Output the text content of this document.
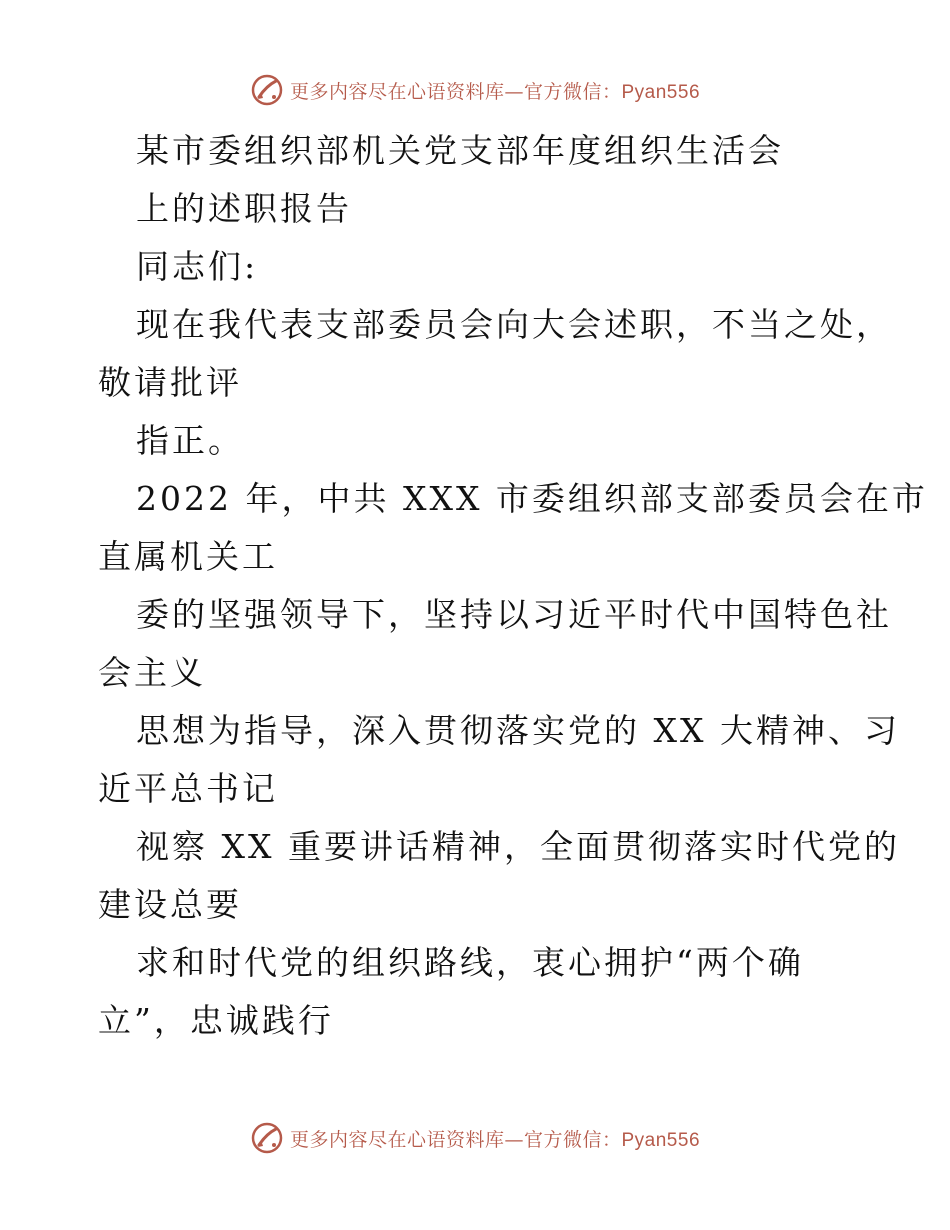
更多内容尽在心语资料库—官方微信：Pyan556
某市委组织部机关党支部年度组织生活会
上的述职报告
同志们:
现在我代表支部委员会向大会述职，不当之处，
敬请批评
指正。
2022 年，中共 XXX 市委组织部支部委员会在市
直属机关工
委的坚强领导下，坚持以习近平时代中国特色社
会主义
思想为指导，深入贯彻落实党的 XX 大精神、习
近平总书记
视察 XX 重要讲话精神，全面贯彻落实时代党的
建设总要
求和时代党的组织路线，衷心拥护“两个确
立”，忠诚践行
更多内容尽在心语资料库—官方微信：Pyan556
